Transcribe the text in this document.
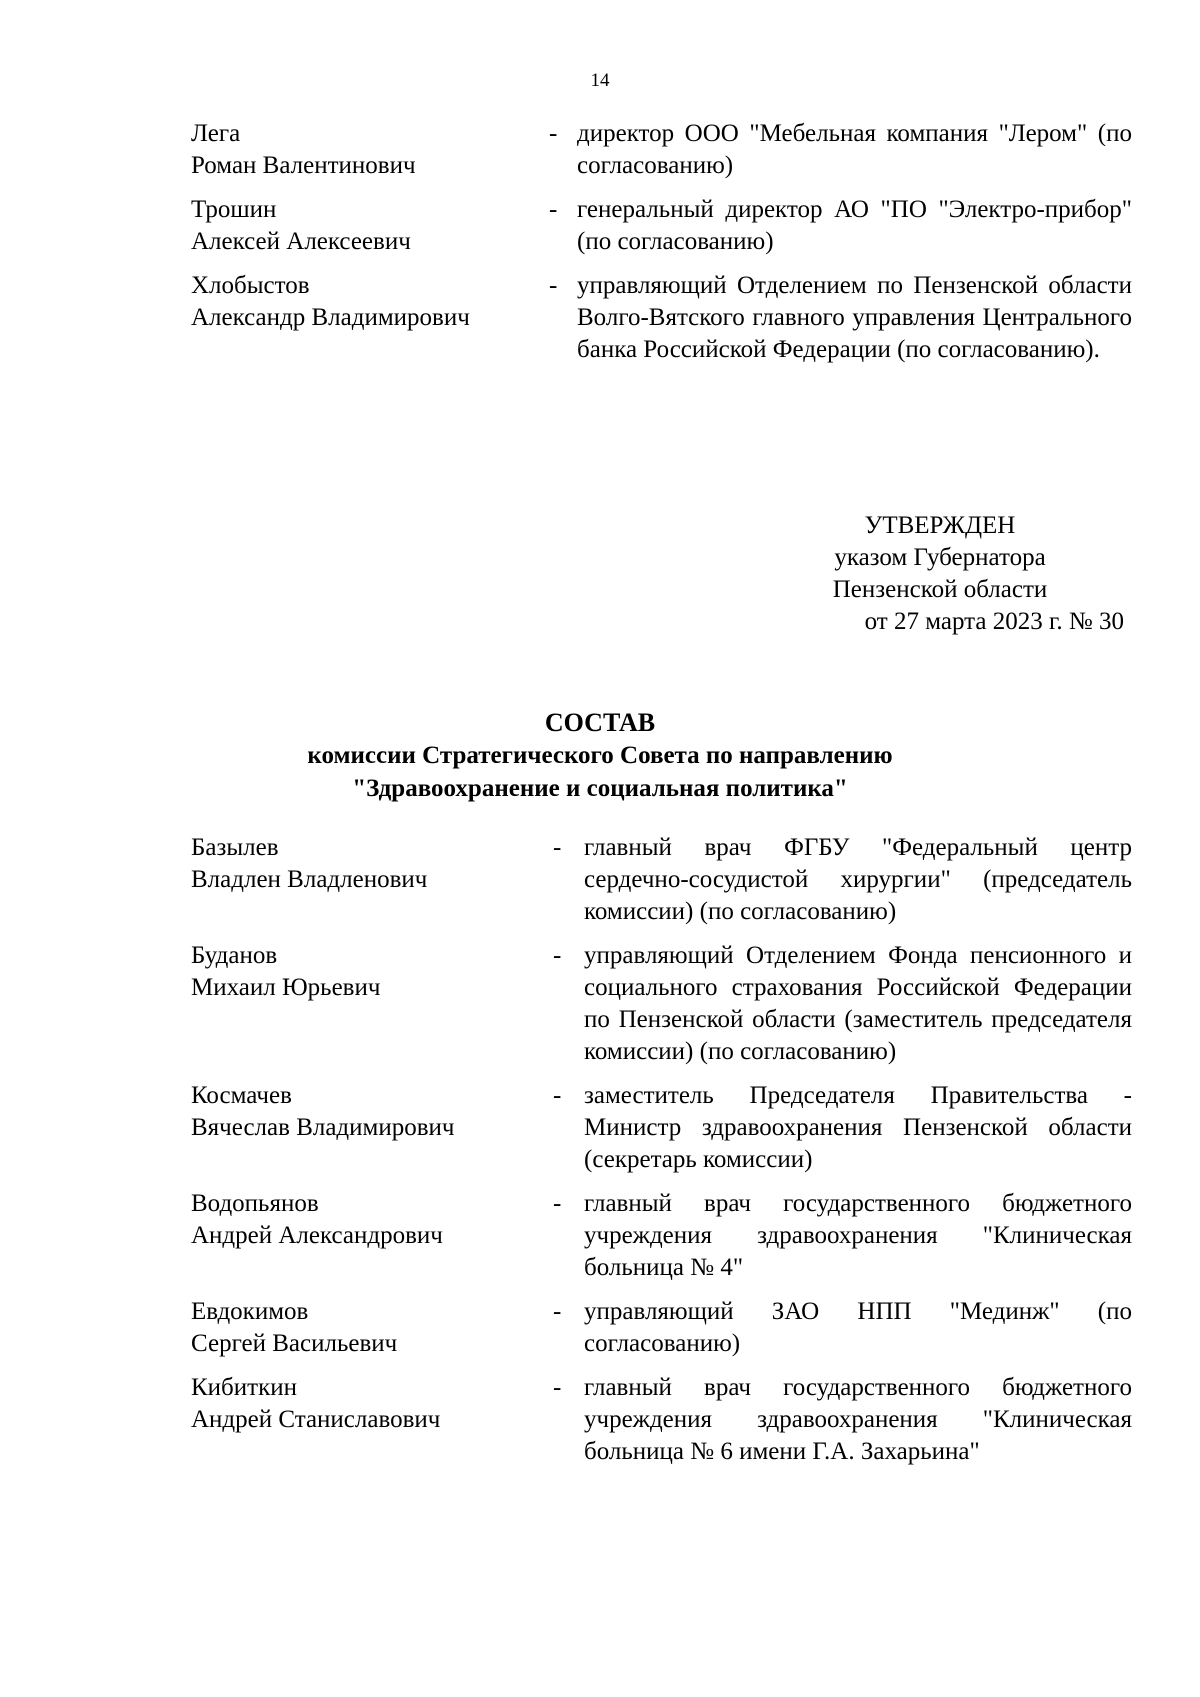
14
Лега
Роман Валентинович
- директор ООО "Мебельная компания "Лером" (по согласованию)
Трошин
Алексей Алексеевич
- генеральный директор АО "ПО "Электро-прибор" (по согласованию)
Хлобыстов
Александр Владимирович
- управляющий Отделением по Пензенской области Волго-Вятского главного управления Центрального банка Российской Федерации (по согласованию).
УТВЕРЖДЕН
указом Губернатора
Пензенской области
от 27 марта 2023 г. № 30
СОСТАВ
комиссии Стратегического Совета по направлению
"Здравоохранение и социальная политика"
Базылев
Владлен Владленович
- главный врач ФГБУ "Федеральный центр сердечно-сосудистой хирургии" (председатель комиссии) (по согласованию)
Буданов
Михаил Юрьевич
- управляющий Отделением Фонда пенсионного и социального страхования Российской Федерации по Пензенской области (заместитель председателя комиссии) (по согласованию)
Космачев
Вячеслав Владимирович
- заместитель Председателя Правительства - Министр здравоохранения Пензенской области (секретарь комиссии)
Водопьянов
Андрей Александрович
- главный врач государственного бюджетного учреждения здравоохранения "Клиническая больница № 4"
Евдокимов
Сергей Васильевич
- управляющий ЗАО НПП "Мединж" (по согласованию)
Кибиткин
Андрей Станиславович
- главный врач государственного бюджетного учреждения здравоохранения "Клиническая больница № 6 имени Г.А. Захарьина"
